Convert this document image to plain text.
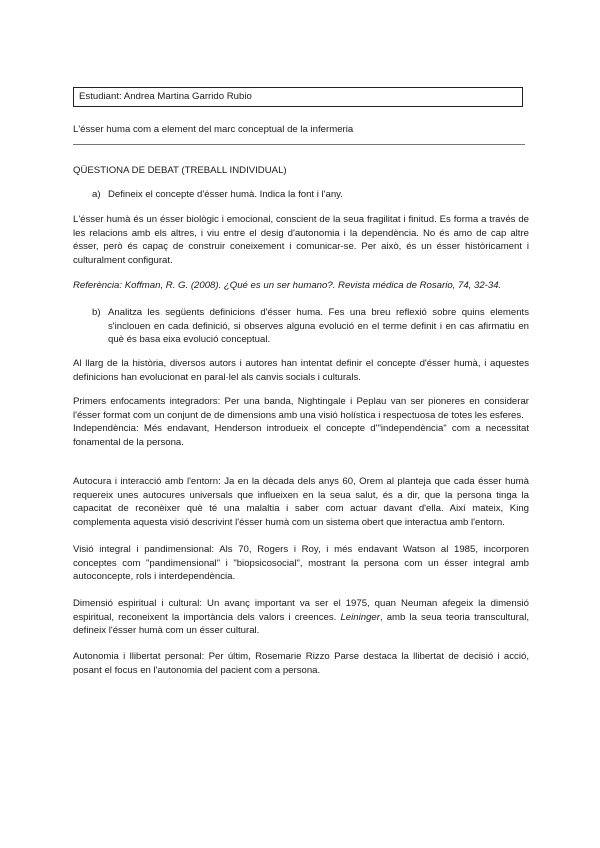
Estudiant: Andrea Martina Garrido Rubio
L'ésser huma com a element del marc conceptual de la infermeria
QÜESTIONA DE DEBAT (TREBALL INDIVIDUAL)
a) Defineix el concepte d'ésser humà. Indica la font i l'any.

L'ésser humà és un ésser biològic i emocional, conscient de la seua fragilitat i finitud. Es forma a través de les relacions amb els altres, i viu entre el desig d'autonomia i la dependència. No és amo de cap altre ésser, però és capaç de construir coneixement i comunicar-se. Per això, és un ésser històricament i culturalment configurat.

Referència: Koffman, R. G. (2008). ¿Qué es un ser humano?. Revista médica de Rosario, 74, 32-34.
b) Analitza les següents definicions d'ésser huma. Fes una breu reflexió sobre quins elements s'inclouen en cada definició, si observes alguna evolució en el terme definit i en cas afirmatiu en què és basa eixa evolució conceptual.

Al llarg de la història, diversos autors i autores han intentat definir el concepte d'ésser humà, i aquestes definicions han evolucionat en paral·lel als canvis socials i culturals.

Primers enfocaments integradors: Per una banda, Nightingale i Peplau van ser pioneres en considerar l'ésser format com un conjunt de de dimensions amb una visió holística i respectuosa de totes les esferes.

Independència: Més endavant, Henderson introdueix el concepte d'"independència" com a necessitat fonamental de la persona.

Autocura i interacció amb l'entorn: Ja en la dècada dels anys 60, Orem al planteja que cada ésser humà requereix unes autocures universals que influeixen en la seua salut, és a dir, que la persona tinga la capacitat de reconèixer què té una malaltia i saber com actuar davant d'ella. Així mateix, King complementa aquesta visió descrivint l'ésser humà com un sistema obert que interactua amb l'entorn.

Visió integral i pandimensional: Als 70, Rogers i Roy, i més endavant Watson al 1985, incorporen conceptes com "pandimensional" i "biopsicosocial", mostrant la persona com un ésser integral amb autoconcepte, rols i interdependència.

Dimensió espiritual i cultural: Un avanç important va ser el 1975, quan Neuman afegeix la dimensió espiritual, reconeixent la importància dels valors i creences. Leininger, amb la seua teoria transcultural, defineix l'ésser humà com un ésser cultural.

Autonomia i llibertat personal: Per últim, Rosemarie Rizzo Parse destaca la llibertat de decisió i acció, posant el focus en l'autonomia del pacient com a persona.
